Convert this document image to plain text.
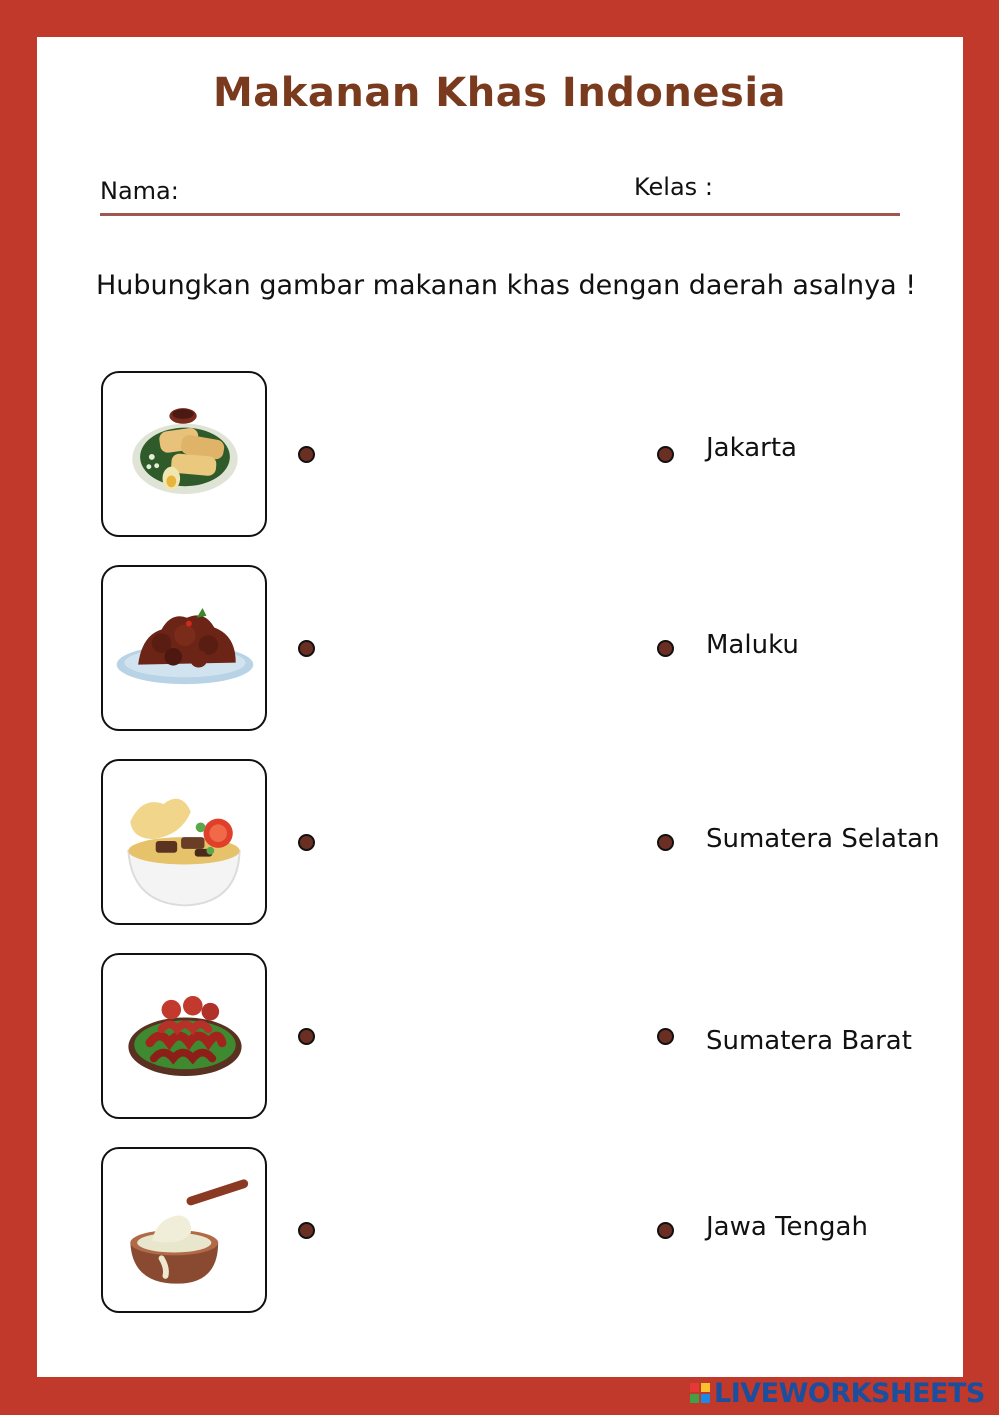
Makanan Khas Indonesia
Nama:	Kelas :
Hubungkan gambar makanan khas dengan daerah asalnya !
Jakarta
Maluku
Sumatera Selatan
Sumatera Barat
Jawa Tengah
LIVEWORKSHEETS
